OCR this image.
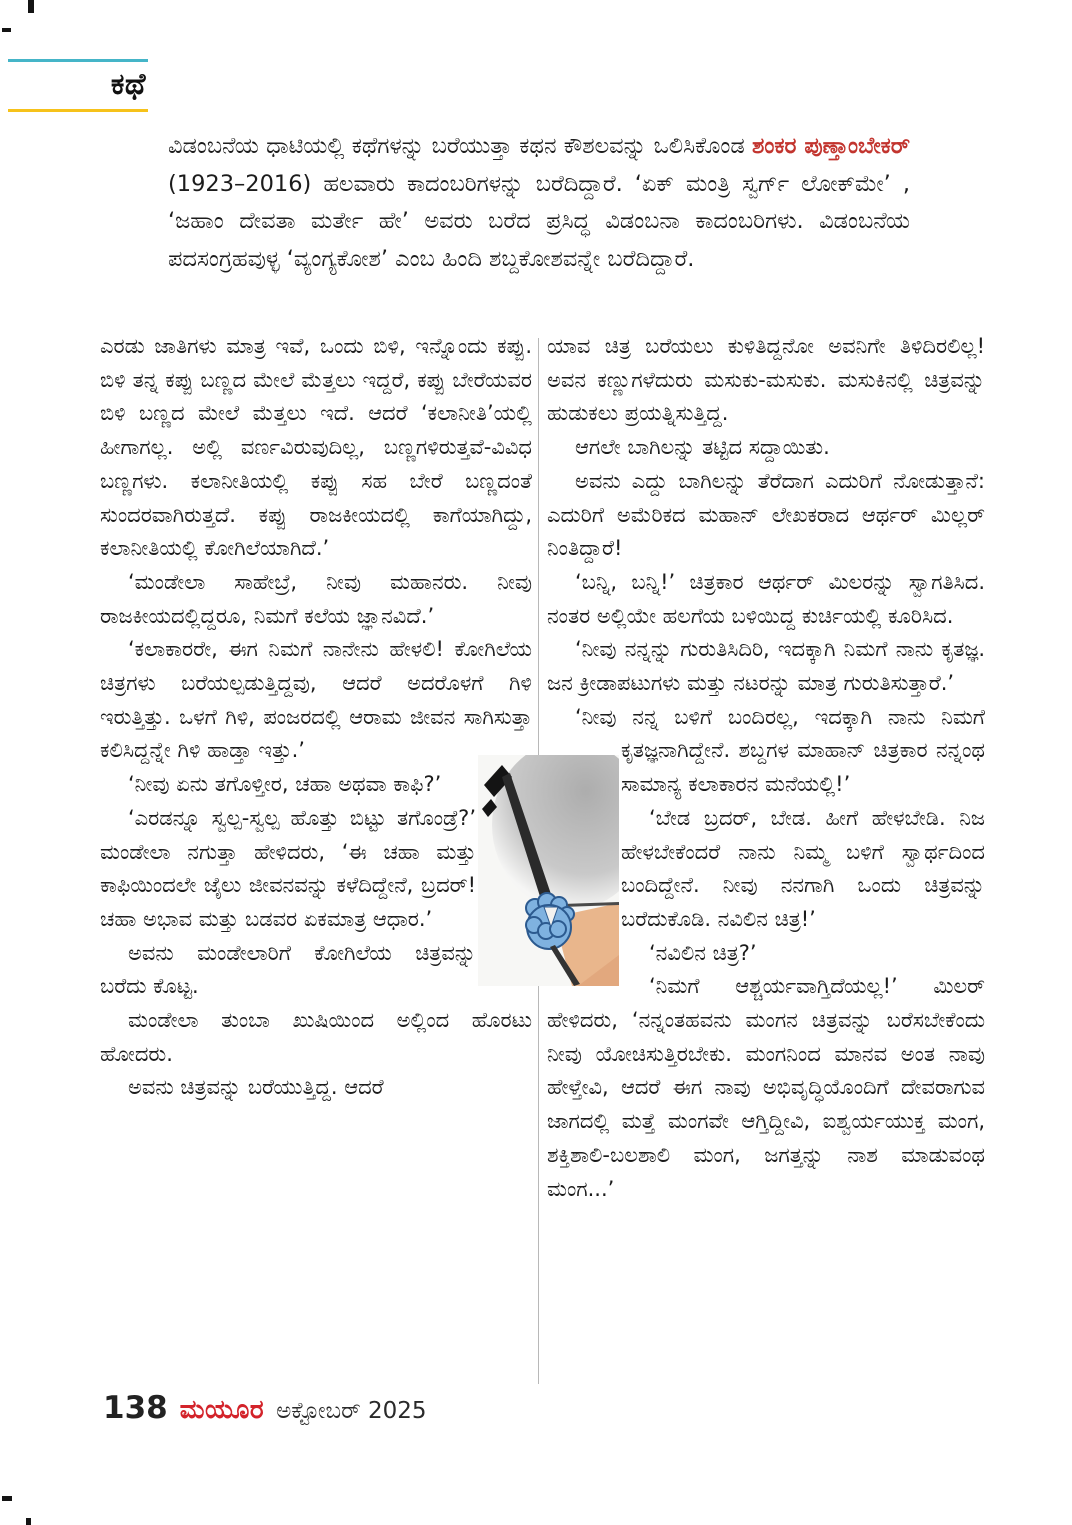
ಕಥೆ
ವಿಡಂಬನೆಯ ಧಾಟಿಯಲ್ಲಿ ಕಥೆಗಳನ್ನು ಬರೆಯುತ್ತಾ ಕಥನ ಕೌಶಲವನ್ನು ಒಲಿಸಿಕೊಂಡ ಶಂಕರ ಪುಣ್ತಾಂಬೇಕರ್ (1923–2016) ಹಲವಾರು ಕಾದಂಬರಿಗಳನ್ನು ಬರೆದಿದ್ದಾರೆ. ‘ಏಕ್ ಮಂತ್ರಿ ಸ್ವರ್ಗ್ ಲೋಕ್‌ಮೇ’ , ‘ಜಹಾಂ ದೇವತಾ ಮರ್ತೇ ಹೇ’ ಅವರು ಬರೆದ ಪ್ರಸಿದ್ಧ ವಿಡಂಬನಾ ಕಾದಂಬರಿಗಳು. ವಿಡಂಬನೆಯ ಪದಸಂಗ್ರಹವುಳ್ಳ ‘ವ್ಯಂಗ್ಯಕೋಶ’ ಎಂಬ ಹಿಂದಿ ಶಬ್ದಕೋಶವನ್ನೇ ಬರೆದಿದ್ದಾರೆ.

ಎರಡು ಜಾತಿಗಳು ಮಾತ್ರ ಇವೆ, ಒಂದು ಬಿಳಿ, ಇನ್ನೊಂದು ಕಪ್ಪು. ಬಿಳಿ ತನ್ನ ಕಪ್ಪು ಬಣ್ಣದ ಮೇಲೆ ಮೆತ್ತಲು ಇದ್ದರೆ, ಕಪ್ಪು ಬೇರೆಯವರ ಬಿಳಿ ಬಣ್ಣದ ಮೇಲೆ ಮೆತ್ತಲು ಇದೆ. ಆದರೆ ‘ಕಲಾನೀತಿ’ಯಲ್ಲಿ ಹೀಗಾಗಲ್ಲ. ಅಲ್ಲಿ ವರ್ಣವಿರುವುದಿಲ್ಲ, ಬಣ್ಣಗಳಿರುತ್ತವೆ-ವಿವಿಧ ಬಣ್ಣಗಳು. ಕಲಾನೀತಿಯಲ್ಲಿ ಕಪ್ಪು ಸಹ ಬೇರೆ ಬಣ್ಣದಂತೆ ಸುಂದರವಾಗಿರುತ್ತದೆ. ಕಪ್ಪು ರಾಜಕೀಯದಲ್ಲಿ ಕಾಗೆಯಾಗಿದ್ದು, ಕಲಾನೀತಿಯಲ್ಲಿ ಕೋಗಿಲೆಯಾಗಿದೆ.’

‘ಮಂಡೇಲಾ ಸಾಹೇಬ್ರೆ, ನೀವು ಮಹಾನರು. ನೀವು ರಾಜಕೀಯದಲ್ಲಿದ್ದರೂ, ನಿಮಗೆ ಕಲೆಯ ಜ್ಞಾನವಿದೆ.’

‘ಕಲಾಕಾರರೇ, ಈಗ ನಿಮಗೆ ನಾನೇನು ಹೇಳಲಿ! ಕೋಗಿಲೆಯ ಚಿತ್ರಗಳು ಬರೆಯಲ್ಪಡುತ್ತಿದ್ದವು, ಆದರೆ ಅದರೊಳಗೆ ಗಿಳಿ ಇರುತ್ತಿತ್ತು. ಒಳಗೆ ಗಿಳಿ, ಪಂಜರದಲ್ಲಿ ಆರಾಮ ಜೀವನ ಸಾಗಿಸುತ್ತಾ ಕಲಿಸಿದ್ದನ್ನೇ ಗಿಳಿ ಹಾಡ್ತಾ ಇತ್ತು.’

‘ನೀವು ಏನು ತಗೊಳ್ತೀರ, ಚಹಾ ಅಥವಾ ಕಾಫಿ?’

‘ಎರಡನ್ನೂ ಸ್ವಲ್ಪ-ಸ್ವಲ್ಪ ಹೊತ್ತು ಬಿಟ್ಟು ತಗೊಂಡ್ರೆ?’ ಮಂಡೇಲಾ ನಗುತ್ತಾ ಹೇಳಿದರು, ‘ಈ ಚಹಾ ಮತ್ತು ಕಾಫಿಯಿಂದಲೇ ಜೈಲು ಜೀವನವನ್ನು ಕಳೆದಿದ್ದೇನೆ, ಬ್ರದರ್! ಚಹಾ ಅಭಾವ ಮತ್ತು ಬಡವರ ಏಕಮಾತ್ರ ಆಧಾರ.’

ಅವನು ಮಂಡೇಲಾರಿಗೆ ಕೋಗಿಲೆಯ ಚಿತ್ರವನ್ನು ಬರೆದು ಕೊಟ್ಟ.

ಮಂಡೇಲಾ ತುಂಬಾ ಖುಷಿಯಿಂದ ಅಲ್ಲಿಂದ ಹೊರಟು ಹೋದರು.

ಅವನು ಚಿತ್ರವನ್ನು ಬರೆಯುತ್ತಿದ್ದ. ಆದರೆ

ಯಾವ ಚಿತ್ರ ಬರೆಯಲು ಕುಳಿತಿದ್ದನೋ ಅವನಿಗೇ ತಿಳಿದಿರಲಿಲ್ಲ! ಅವನ ಕಣ್ಣುಗಳೆದುರು ಮಸುಕು-ಮಸುಕು. ಮಸುಕಿನಲ್ಲಿ ಚಿತ್ರವನ್ನು ಹುಡುಕಲು ಪ್ರಯತ್ನಿಸುತ್ತಿದ್ದ.

ಆಗಲೇ ಬಾಗಿಲನ್ನು ತಟ್ಟಿದ ಸದ್ದಾಯಿತು.

ಅವನು ಎದ್ದು ಬಾಗಿಲನ್ನು ತೆರೆದಾಗ ಎದುರಿಗೆ ನೋಡುತ್ತಾನೆ: ಎದುರಿಗೆ ಅಮೆರಿಕದ ಮಹಾನ್ ಲೇಖಕರಾದ ಆರ್ಥರ್ ಮಿಲ್ಲರ್ ನಿಂತಿದ್ದಾರೆ!

‘ಬನ್ನಿ, ಬನ್ನಿ!’ ಚಿತ್ರಕಾರ ಆರ್ಥರ್ ಮಿಲರನ್ನು ಸ್ವಾಗತಿಸಿದ. ನಂತರ ಅಲ್ಲಿಯೇ ಹಲಗೆಯ ಬಳಿಯಿದ್ದ ಕುರ್ಚಿಯಲ್ಲಿ ಕೂರಿಸಿದ.

‘ನೀವು ನನ್ನನ್ನು ಗುರುತಿಸಿದಿರಿ, ಇದಕ್ಕಾಗಿ ನಿಮಗೆ ನಾನು ಕೃತಜ್ಞ. ಜನ ಕ್ರೀಡಾಪಟುಗಳು ಮತ್ತು ನಟರನ್ನು ಮಾತ್ರ ಗುರುತಿಸುತ್ತಾರೆ.’

‘ನೀವು ನನ್ನ ಬಳಿಗೆ ಬಂದಿರಲ್ಲ, ಇದಕ್ಕಾಗಿ ನಾನು ನಿಮಗೆ ಕೃತಜ್ಞನಾಗಿದ್ದೇನೆ. ಶಬ್ದಗಳ ಮಾಹಾನ್ ಚಿತ್ರಕಾರ ನನ್ನಂಥ ಸಾಮಾನ್ಯ ಕಲಾಕಾರನ ಮನೆಯಲ್ಲಿ!’

‘ಬೇಡ ಬ್ರದರ್, ಬೇಡ. ಹೀಗೆ ಹೇಳಬೇಡಿ. ನಿಜ ಹೇಳಬೇಕೆಂದರೆ ನಾನು ನಿಮ್ಮ ಬಳಿಗೆ ಸ್ವಾರ್ಥದಿಂದ ಬಂದಿದ್ದೇನೆ. ನೀವು ನನಗಾಗಿ ಒಂದು ಚಿತ್ರವನ್ನು ಬರೆದುಕೊಡಿ. ನವಿಲಿನ ಚಿತ್ರ!’

‘ನವಿಲಿನ ಚಿತ್ರ?’

‘ನಿಮಗೆ ಆಶ್ಚರ್ಯವಾಗ್ತಿದೆಯಲ್ಲ!’ ಮಿಲರ್ ಹೇಳಿದರು, ‘ನನ್ನಂತಹವನು ಮಂಗನ ಚಿತ್ರವನ್ನು ಬರೆಸಬೇಕೆಂದು ನೀವು ಯೋಚಿಸುತ್ತಿರಬೇಕು. ಮಂಗನಿಂದ ಮಾನವ ಅಂತ ನಾವು ಹೇಳ್ತೇವಿ, ಆದರೆ ಈಗ ನಾವು ಅಭಿವೃದ್ಧಿಯೊಂದಿಗೆ ದೇವರಾಗುವ ಜಾಗದಲ್ಲಿ ಮತ್ತೆ ಮಂಗವೇ ಆಗ್ತಿದ್ದೀವಿ, ಐಶ್ವರ್ಯಯುಕ್ತ ಮಂಗ, ಶಕ್ತಿಶಾಲಿ-ಬಲಶಾಲಿ ಮಂಗ, ಜಗತ್ತನ್ನು ನಾಶ ಮಾಡುವಂಥ ಮಂಗ...’

138 ಮಯೂರ ಅಕ್ಟೋಬರ್ 2025
